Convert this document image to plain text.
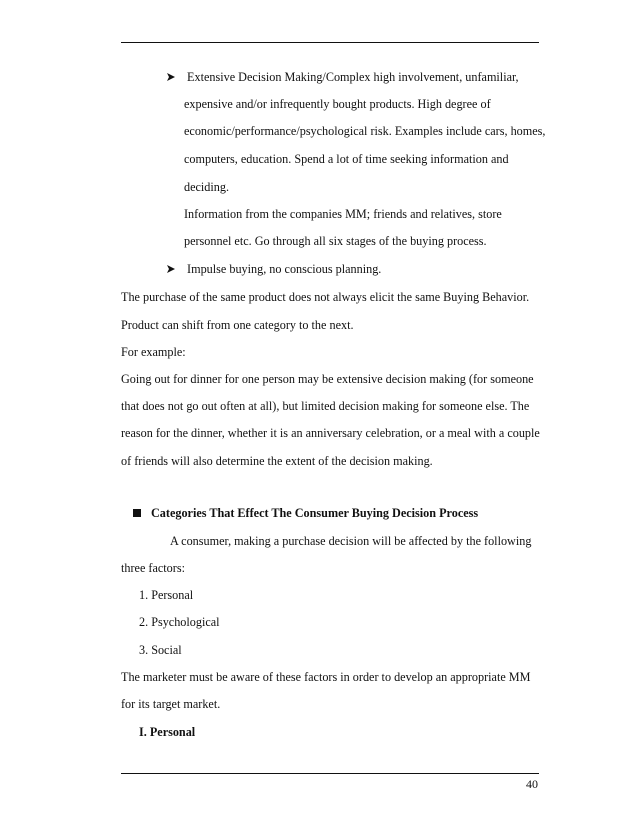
Extensive Decision Making/Complex high involvement, unfamiliar,
expensive and/or infrequently bought products. High degree of
economic/performance/psychological risk. Examples include cars, homes,
computers, education. Spend a lot of time seeking information and
deciding.
Information from the companies MM; friends and relatives, store
personnel etc. Go through all six stages of the buying process.
Impulse buying, no conscious planning.
The purchase of the same product does not always elicit the same Buying Behavior.
Product can shift from one category to the next.
For example:
Going out for dinner for one person may be extensive decision making (for someone
that does not go out often at all), but limited decision making for someone else. The
reason for the dinner, whether it is an anniversary celebration, or a meal with a couple
of friends will also determine the extent of the decision making.
Categories That Effect The Consumer Buying Decision Process
A consumer, making a purchase decision will be affected by the following
three factors:
1. Personal
2. Psychological
3. Social
The marketer must be aware of these factors in order to develop an appropriate MM
for its target market.
I. Personal
40
